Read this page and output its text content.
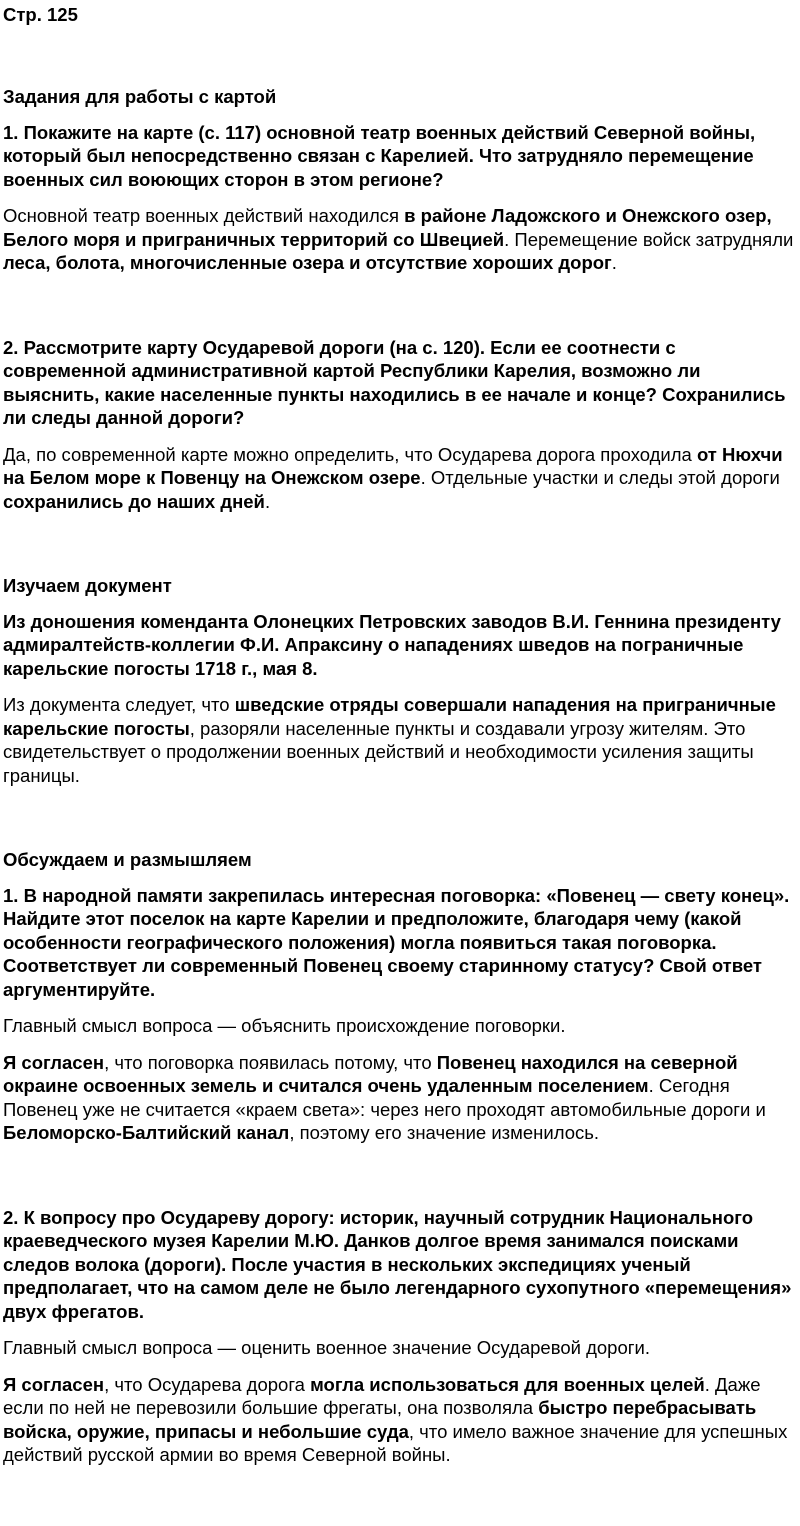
Стр. 125
Задания для работы с картой
1. Покажите на карте (с. 117) основной театр военных действий Северной войны, который был непосредственно связан с Карелией. Что затрудняло перемещение военных сил воюющих сторон в этом регионе?

Основной театр военных действий находился в районе Ладожского и Онежского озер, Белого моря и приграничных территорий со Швецией. Перемещение войск затрудняли леса, болота, многочисленные озера и отсутствие хороших дорог.

2. Рассмотрите карту Осударевой дороги (на с. 120). Если ее соотнести с современной административной картой Республики Карелия, возможно ли выяснить, какие населенные пункты находились в ее начале и конце? Сохранились ли следы данной дороги?

Да, по современной карте можно определить, что Осударева дорога проходила от Нюхчи на Белом море к Повенцу на Онежском озере. Отдельные участки и следы этой дороги сохранились до наших дней.

Изучаем документ
Из доношения коменданта Олонецких Петровских заводов В.И. Геннина президенту адмиралтейств-коллегии Ф.И. Апраксину о нападениях шведов на пограничные карельские погосты 1718 г., мая 8.

Из документа следует, что шведские отряды совершали нападения на приграничные карельские погосты, разоряли населенные пункты и создавали угрозу жителям. Это свидетельствует о продолжении военных действий и необходимости усиления защиты границы.

Обсуждаем и размышляем
1. В народной памяти закрепилась интересная поговорка: «Повенец — свету конец». Найдите этот поселок на карте Карелии и предположите, благодаря чему (какой особенности географического положения) могла появиться такая поговорка. Соответствует ли современный Повенец своему старинному статусу? Свой ответ аргументируйте.

Главный смысл вопроса — объяснить происхождение поговорки.

Я согласен, что поговорка появилась потому, что Повенец находился на северной окраине освоенных земель и считался очень удаленным поселением. Сегодня Повенец уже не считается «краем света»: через него проходят автомобильные дороги и Беломорско-Балтийский канал, поэтому его значение изменилось.

2. К вопросу про Осудареву дорогу: историк, научный сотрудник Национального краеведческого музея Карелии М.Ю. Данков долгое время занимался поисками следов волока (дороги). После участия в нескольких экспедициях ученый предполагает, что на самом деле не было легендарного сухопутного «перемещения» двух фрегатов.

Главный смысл вопроса — оценить военное значение Осударевой дороги.

Я согласен, что Осударева дорога могла использоваться для военных целей. Даже если по ней не перевозили большие фрегаты, она позволяла быстро перебрасывать войска, оружие, припасы и небольшие суда, что имело важное значение для успешных действий русской армии во время Северной войны.
